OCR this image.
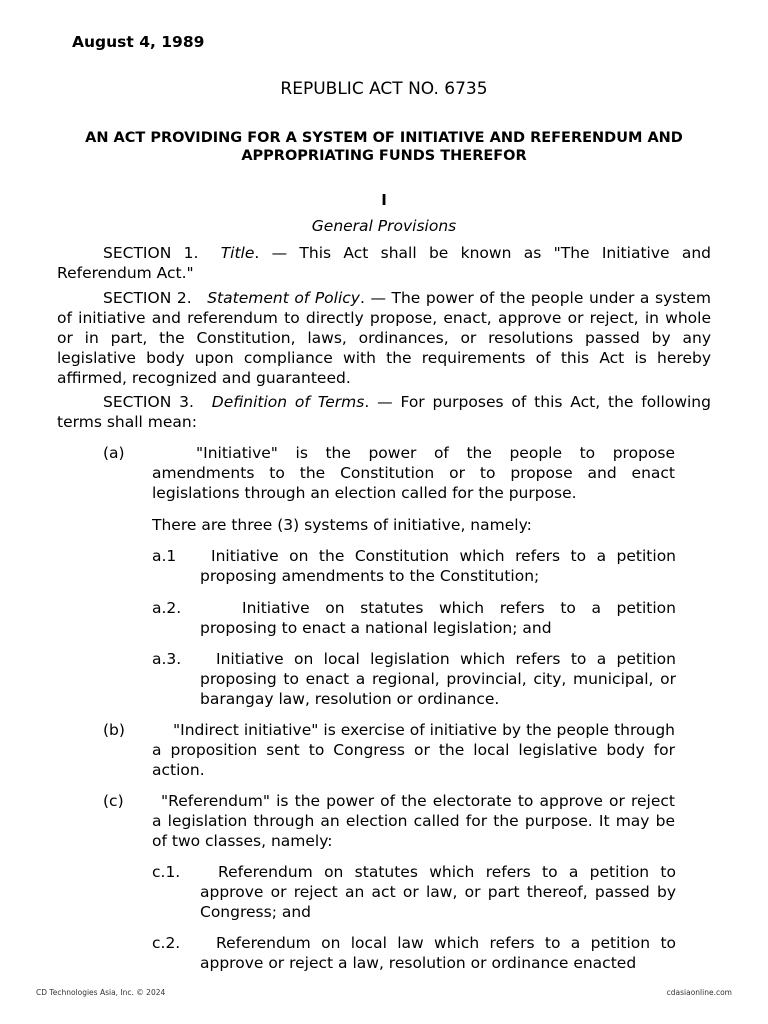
August 4, 1989
REPUBLIC ACT NO. 6735
AN ACT PROVIDING FOR A SYSTEM OF INITIATIVE AND REFERENDUM AND
APPROPRIATING FUNDS THEREFOR
I
General Provisions
SECTION 1. Title. — This Act shall be known as "The Initiative and Referendum Act."
SECTION 2. Statement of Policy. — The power of the people under a system of initiative and referendum to directly propose, enact, approve or reject, in whole or in part, the Constitution, laws, ordinances, or resolutions passed by any legislative body upon compliance with the requirements of this Act is hereby affirmed, recognized and guaranteed.
SECTION 3. Definition of Terms. — For purposes of this Act, the following terms shall mean:
(a)	"Initiative" is the power of the people to propose amendments to the Constitution or to propose and enact legislations through an election called for the purpose.
There are three (3) systems of initiative, namely:
a.1	Initiative on the Constitution which refers to a petition proposing amendments to the Constitution;
a.2.	Initiative on statutes which refers to a petition proposing to enact a national legislation; and
a.3.	Initiative on local legislation which refers to a petition proposing to enact a regional, provincial, city, municipal, or barangay law, resolution or ordinance.
(b)	"Indirect initiative" is exercise of initiative by the people through a proposition sent to Congress or the local legislative body for action.
(c)	"Referendum" is the power of the electorate to approve or reject a legislation through an election called for the purpose. It may be of two classes, namely:
c.1.	Referendum on statutes which refers to a petition to approve or reject an act or law, or part thereof, passed by Congress; and
c.2.	Referendum on local law which refers to a petition to approve or reject a law, resolution or ordinance enacted
CD Technologies Asia, Inc. © 2024	cdasiaonline.com
